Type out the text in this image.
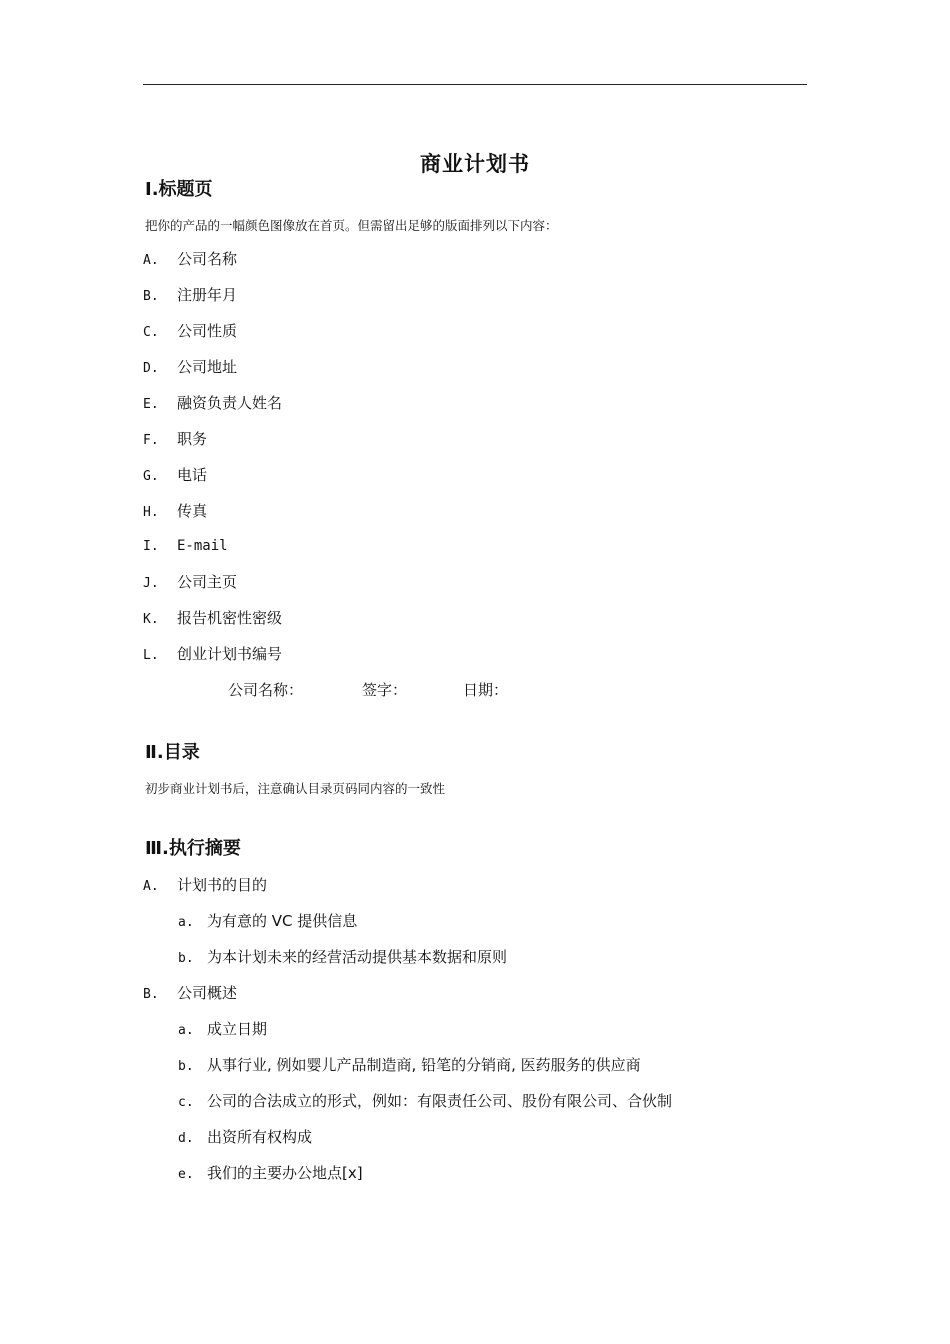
商业计划书
Ⅰ.标题页
把你的产品的一幅颜色图像放在首页。但需留出足够的版面排列以下内容：
A. 公司名称
B. 注册年月
C. 公司性质
D. 公司地址
E. 融资负责人姓名
F. 职务
G. 电话
H. 传真
I. E-mail
J. 公司主页
K. 报告机密性密级
L. 创业计划书编号
公司名称：	签字：	日期：
Ⅱ.目录
初步商业计划书后，注意确认目录页码同内容的一致性
Ⅲ.执行摘要
A. 计划书的目的
a. 为有意的 VC 提供信息
b. 为本计划未来的经营活动提供基本数据和原则
B. 公司概述
a. 成立日期
b. 从事行业, 例如婴儿产品制造商, 铅笔的分销商, 医药服务的供应商
c. 公司的合法成立的形式，例如：有限责任公司、股份有限公司、合伙制
d. 出资所有权构成
e. 我们的主要办公地点[x]
